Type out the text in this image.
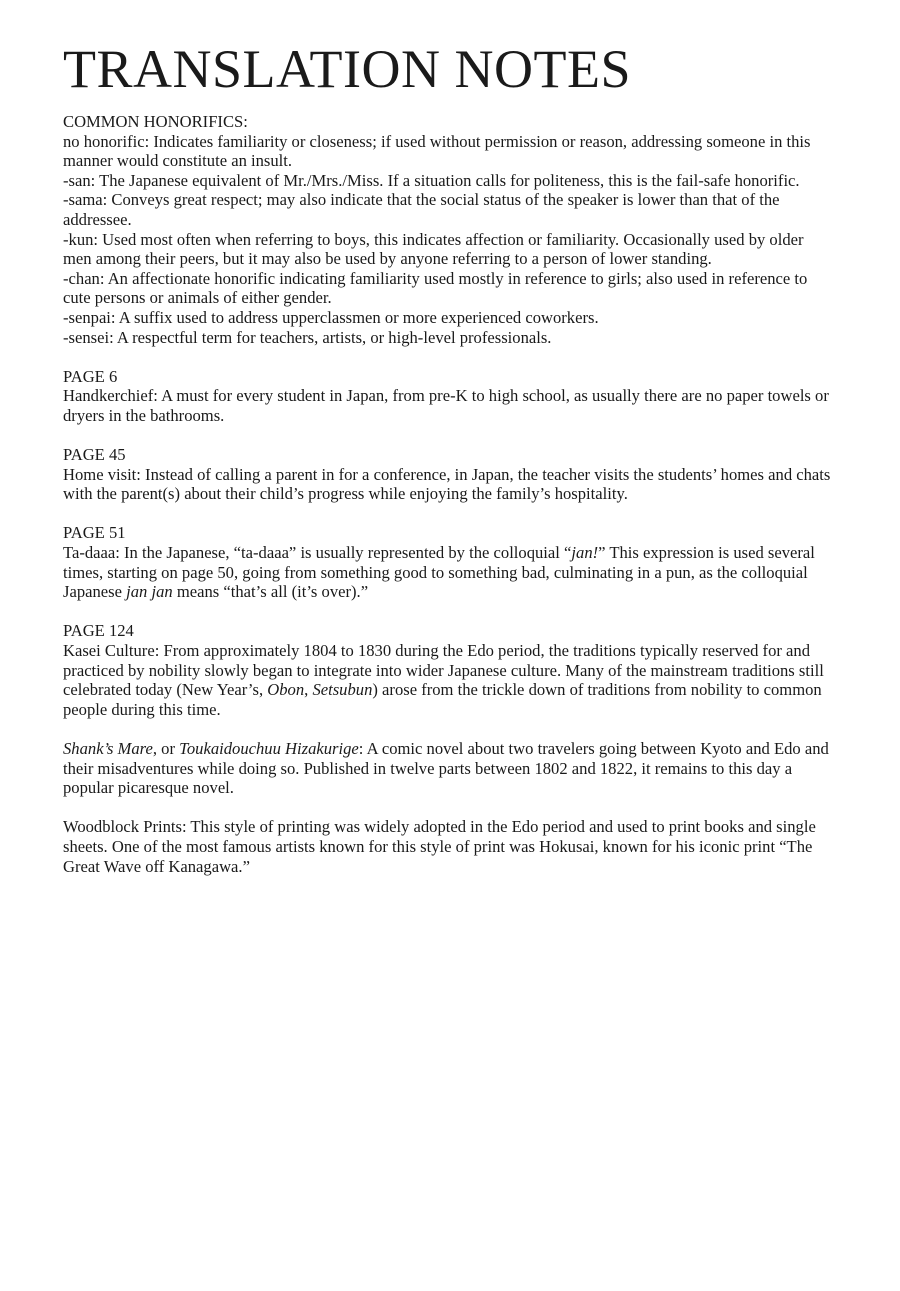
TRANSLATION NOTES
COMMON HONORIFICS:
no honorific: Indicates familiarity or closeness; if used without permission or reason, addressing someone in this manner would constitute an insult.
-san: The Japanese equivalent of Mr./Mrs./Miss. If a situation calls for politeness, this is the fail-safe honorific.
-sama: Conveys great respect; may also indicate that the social status of the speaker is lower than that of the addressee.
-kun: Used most often when referring to boys, this indicates affection or familiarity. Occasionally used by older men among their peers, but it may also be used by anyone referring to a person of lower standing.
-chan: An affectionate honorific indicating familiarity used mostly in reference to girls; also used in reference to cute persons or animals of either gender.
-senpai: A suffix used to address upperclassmen or more experienced coworkers.
-sensei: A respectful term for teachers, artists, or high-level professionals.
PAGE 6
Handkerchief: A must for every student in Japan, from pre-K to high school, as usually there are no paper towels or dryers in the bathrooms.
PAGE 45
Home visit: Instead of calling a parent in for a conference, in Japan, the teacher visits the students’ homes and chats with the parent(s) about their child’s progress while enjoying the family’s hospitality.
PAGE 51
Ta-daaa: In the Japanese, “ta-daaa” is usually represented by the colloquial “jan!” This expression is used several times, starting on page 50, going from something good to something bad, culminating in a pun, as the colloquial Japanese jan jan means “that’s all (it’s over).”
PAGE 124
Kasei Culture: From approximately 1804 to 1830 during the Edo period, the traditions typically reserved for and practiced by nobility slowly began to integrate into wider Japanese culture. Many of the mainstream traditions still celebrated today (New Year’s, Obon, Setsubun) arose from the trickle down of traditions from nobility to common people during this time.
Shank’s Mare, or Toukaidouchuu Hizakurige: A comic novel about two travelers going between Kyoto and Edo and their misadventures while doing so. Published in twelve parts between 1802 and 1822, it remains to this day a popular picaresque novel.
Woodblock Prints: This style of printing was widely adopted in the Edo period and used to print books and single sheets. One of the most famous artists known for this style of print was Hokusai, known for his iconic print “The Great Wave off Kanagawa.”
